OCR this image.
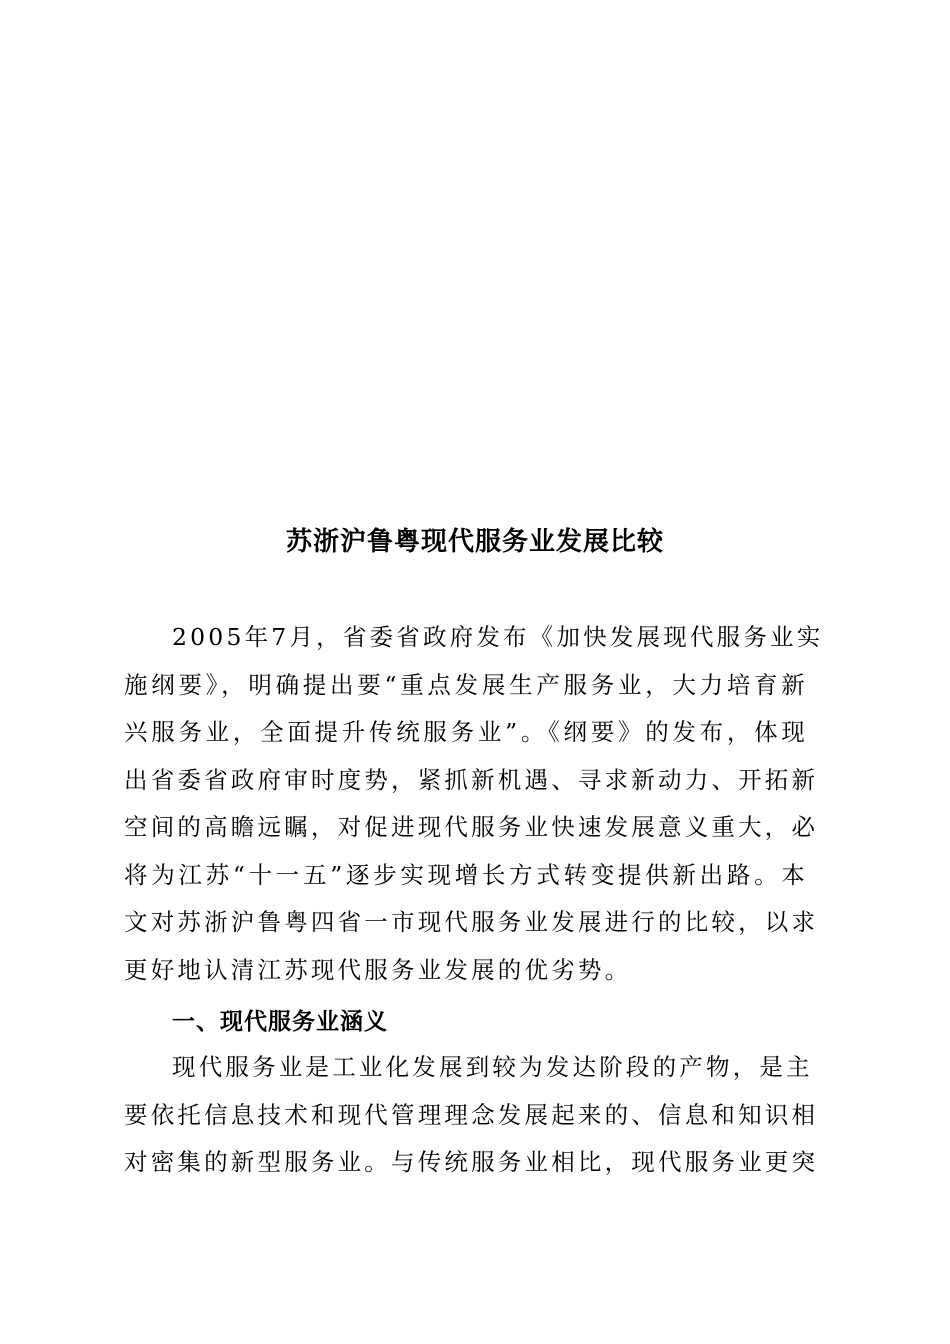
苏浙沪鲁粤现代服务业发展比较
2005年7月，省委省政府发布《加快发展现代服务业实
施纲要》，明确提出要“重点发展生产服务业，大力培育新
兴服务业，全面提升传统服务业”。《纲要》的发布，体现
出省委省政府审时度势，紧抓新机遇、寻求新动力、开拓新
空间的高瞻远瞩，对促进现代服务业快速发展意义重大，必
将为江苏“十一五”逐步实现增长方式转变提供新出路。本
文对苏浙沪鲁粤四省一市现代服务业发展进行的比较，以求
更好地认清江苏现代服务业发展的优劣势。
一、现代服务业涵义
现代服务业是工业化发展到较为发达阶段的产物，是主
要依托信息技术和现代管理理念发展起来的、信息和知识相
对密集的新型服务业。与传统服务业相比，现代服务业更突
